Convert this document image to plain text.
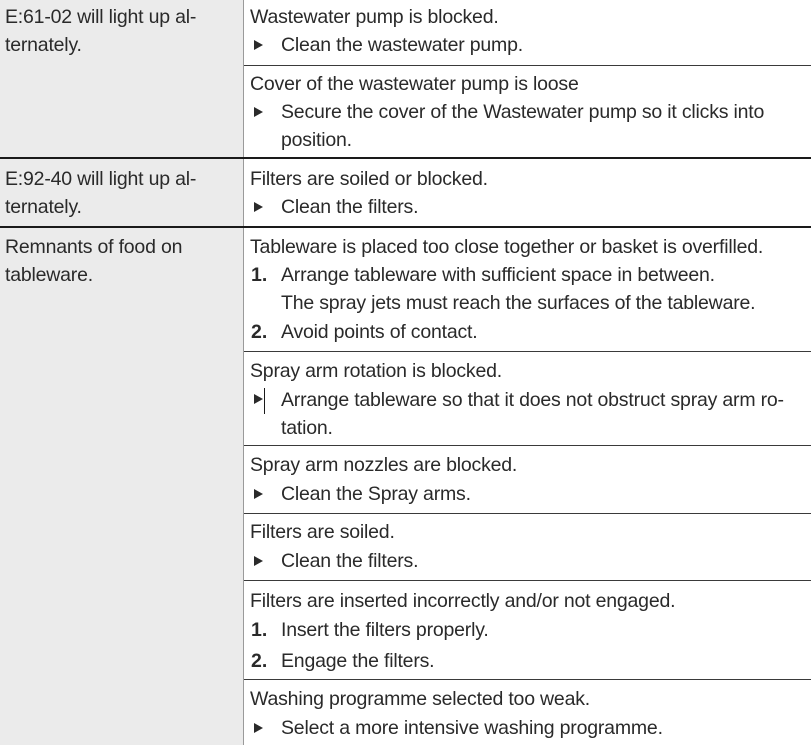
E:61-02 will light up al-
ternately.
Wastewater pump is blocked.
Clean the wastewater pump.
Cover of the wastewater pump is loose
Secure the cover of the Wastewater pump so it clicks into
position.
E:92-40 will light up al-
ternately.
Filters are soiled or blocked.
Clean the filters.
Remnants of food on
tableware.
Tableware is placed too close together or basket is overfilled.
1. Arrange tableware with sufficient space in between.
The spray jets must reach the surfaces of the tableware.
2. Avoid points of contact.
Spray arm rotation is blocked.
Arrange tableware so that it does not obstruct spray arm ro-
tation.
Spray arm nozzles are blocked.
Clean the Spray arms.
Filters are soiled.
Clean the filters.
Filters are inserted incorrectly and/or not engaged.
1. Insert the filters properly.
2. Engage the filters.
Washing programme selected too weak.
Select a more intensive washing programme.
